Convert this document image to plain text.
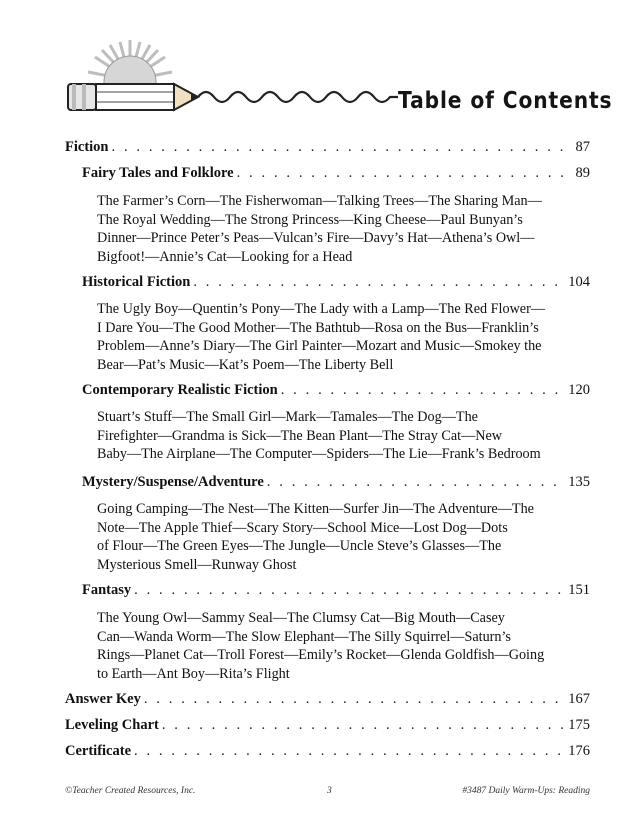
Table of Contents
Fiction . . .	87
Fairy Tales and Folklore . . .	89
The Farmer’s Corn—The Fisherwoman—Talking Trees—The Sharing Man—
The Royal Wedding—The Strong Princess—King Cheese—Paul Bunyan’s
Dinner—Prince Peter’s Peas—Vulcan’s Fire—Davy’s Hat—Athena’s Owl—
Bigfoot!—Annie’s Cat—Looking for a Head
Historical Fiction . . .	104
The Ugly Boy—Quentin’s Pony—The Lady with a Lamp—The Red Flower—
I Dare You—The Good Mother—The Bathtub—Rosa on the Bus—Franklin’s
Problem—Anne’s Diary—The Girl Painter—Mozart and Music—Smokey the
Bear—Pat’s Music—Kat’s Poem—The Liberty Bell
Contemporary Realistic Fiction . . .	120
Stuart’s Stuff—The Small Girl—Mark—Tamales—The Dog—The
Firefighter—Grandma is Sick—The Bean Plant—The Stray Cat—New
Baby—The Airplane—The Computer—Spiders—The Lie—Frank’s Bedroom
Mystery/Suspense/Adventure . . .	135
Going Camping—The Nest—The Kitten—Surfer Jin—The Adventure—The
Note—The Apple Thief—Scary Story—School Mice—Lost Dog—Dots
of Flour—The Green Eyes—The Jungle—Uncle Steve’s Glasses—The
Mysterious Smell—Runway Ghost
Fantasy . . .	151
The Young Owl—Sammy Seal—The Clumsy Cat—Big Mouth—Casey
Can—Wanda Worm—The Slow Elephant—The Silly Squirrel—Saturn’s
Rings—Planet Cat—Troll Forest—Emily’s Rocket—Glenda Goldfish—Going
to Earth—Ant Boy—Rita’s Flight
Answer Key . . .	167
Leveling Chart . . .	175
Certificate . . .	176
©Teacher Created Resources, Inc.	3	#3487 Daily Warm-Ups: Reading
